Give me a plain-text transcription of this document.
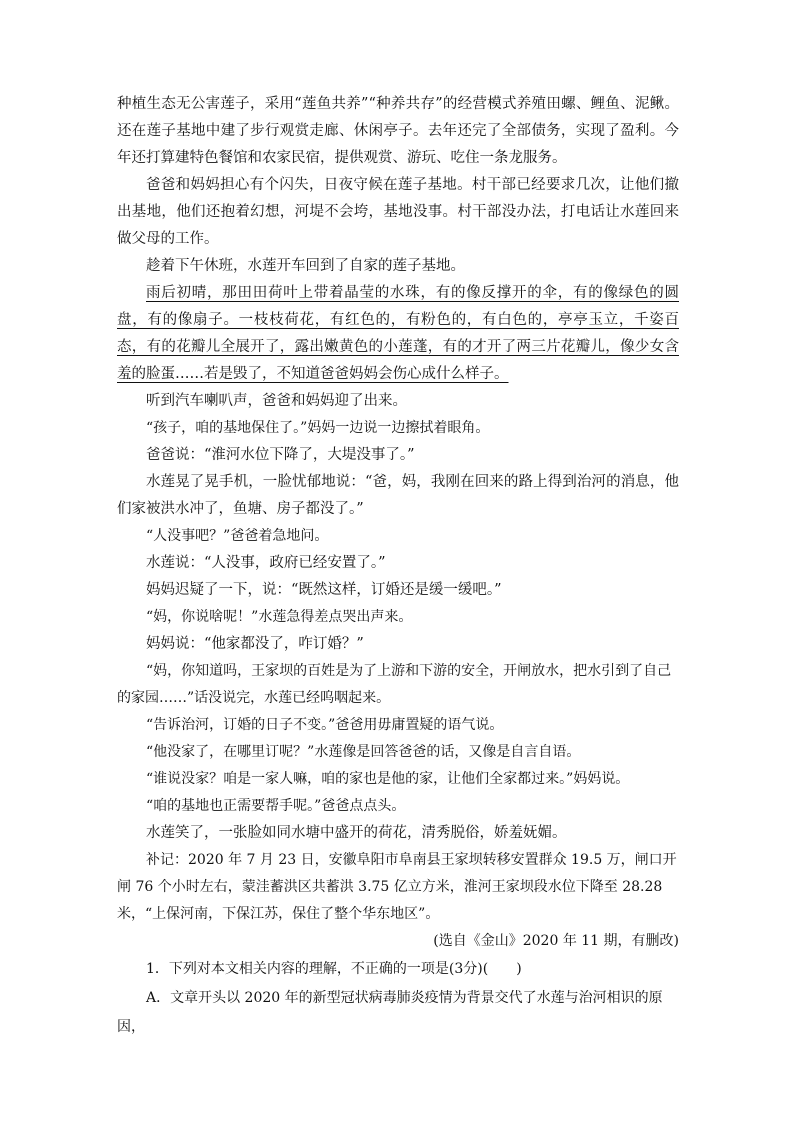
种植生态无公害莲子，采用“莲鱼共养”“种养共存”的经营模式养殖田螺、鲤鱼、泥鳅。还在莲子基地中建了步行观赏走廊、休闲亭子。去年还完了全部债务，实现了盈利。今年还打算建特色餐馆和农家民宿，提供观赏、游玩、吃住一条龙服务。

爸爸和妈妈担心有个闪失，日夜守候在莲子基地。村干部已经要求几次，让他们撤出基地，他们还抱着幻想，河堤不会垮，基地没事。村干部没办法，打电话让水莲回来做父母的工作。

趁着下午休班，水莲开车回到了自家的莲子基地。

雨后初晴，那田田荷叶上带着晶莹的水珠，有的像反撑开的伞，有的像绿色的圆盘，有的像扇子。一枝枝荷花，有红色的，有粉色的，有白色的，亭亭玉立，千姿百态，有的花瓣儿全展开了，露出嫩黄色的小莲蓬，有的才开了两三片花瓣儿，像少女含羞的脸蛋……若是毁了，不知道爸爸妈妈会伤心成什么样子。

听到汽车喇叭声，爸爸和妈妈迎了出来。

“孩子，咱的基地保住了。”妈妈一边说一边擦拭着眼角。

爸爸说：“淮河水位下降了，大堤没事了。”

水莲晃了晃手机，一脸忧郁地说：“爸，妈，我刚在回来的路上得到治河的消息，他们家被洪水冲了，鱼塘、房子都没了。”

“人没事吧？”爸爸着急地问。

水莲说：“人没事，政府已经安置了。”

妈妈迟疑了一下，说：“既然这样，订婚还是缓一缓吧。”

“妈，你说啥呢！”水莲急得差点哭出声来。

妈妈说：“他家都没了，咋订婚？”

“妈，你知道吗，王家坝的百姓是为了上游和下游的安全，开闸放水，把水引到了自己的家园……”话没说完，水莲已经呜咽起来。

“告诉治河，订婚的日子不变。”爸爸用毋庸置疑的语气说。

“他没家了，在哪里订呢？”水莲像是回答爸爸的话，又像是自言自语。

“谁说没家？咱是一家人嘛，咱的家也是他的家，让他们全家都过来。”妈妈说。

“咱的基地也正需要帮手呢。”爸爸点点头。

水莲笑了，一张脸如同水塘中盛开的荷花，清秀脱俗，娇羞妩媚。

补记：2020 年 7 月 23 日，安徽阜阳市阜南县王家坝转移安置群众 19.5 万，闸口开闸 76 个小时左右，蒙洼蓄洪区共蓄洪 3.75 亿立方米，淮河王家坝段水位下降至 28.28 米，“上保河南，下保江苏，保住了整个华东地区”。

(选自《金山》2020 年 11 期，有删改)

1．下列对本文相关内容的理解，不正确的一项是(3分)(　　)

A．文章开头以 2020 年的新型冠状病毒肺炎疫情为背景交代了水莲与治河相识的原因，
